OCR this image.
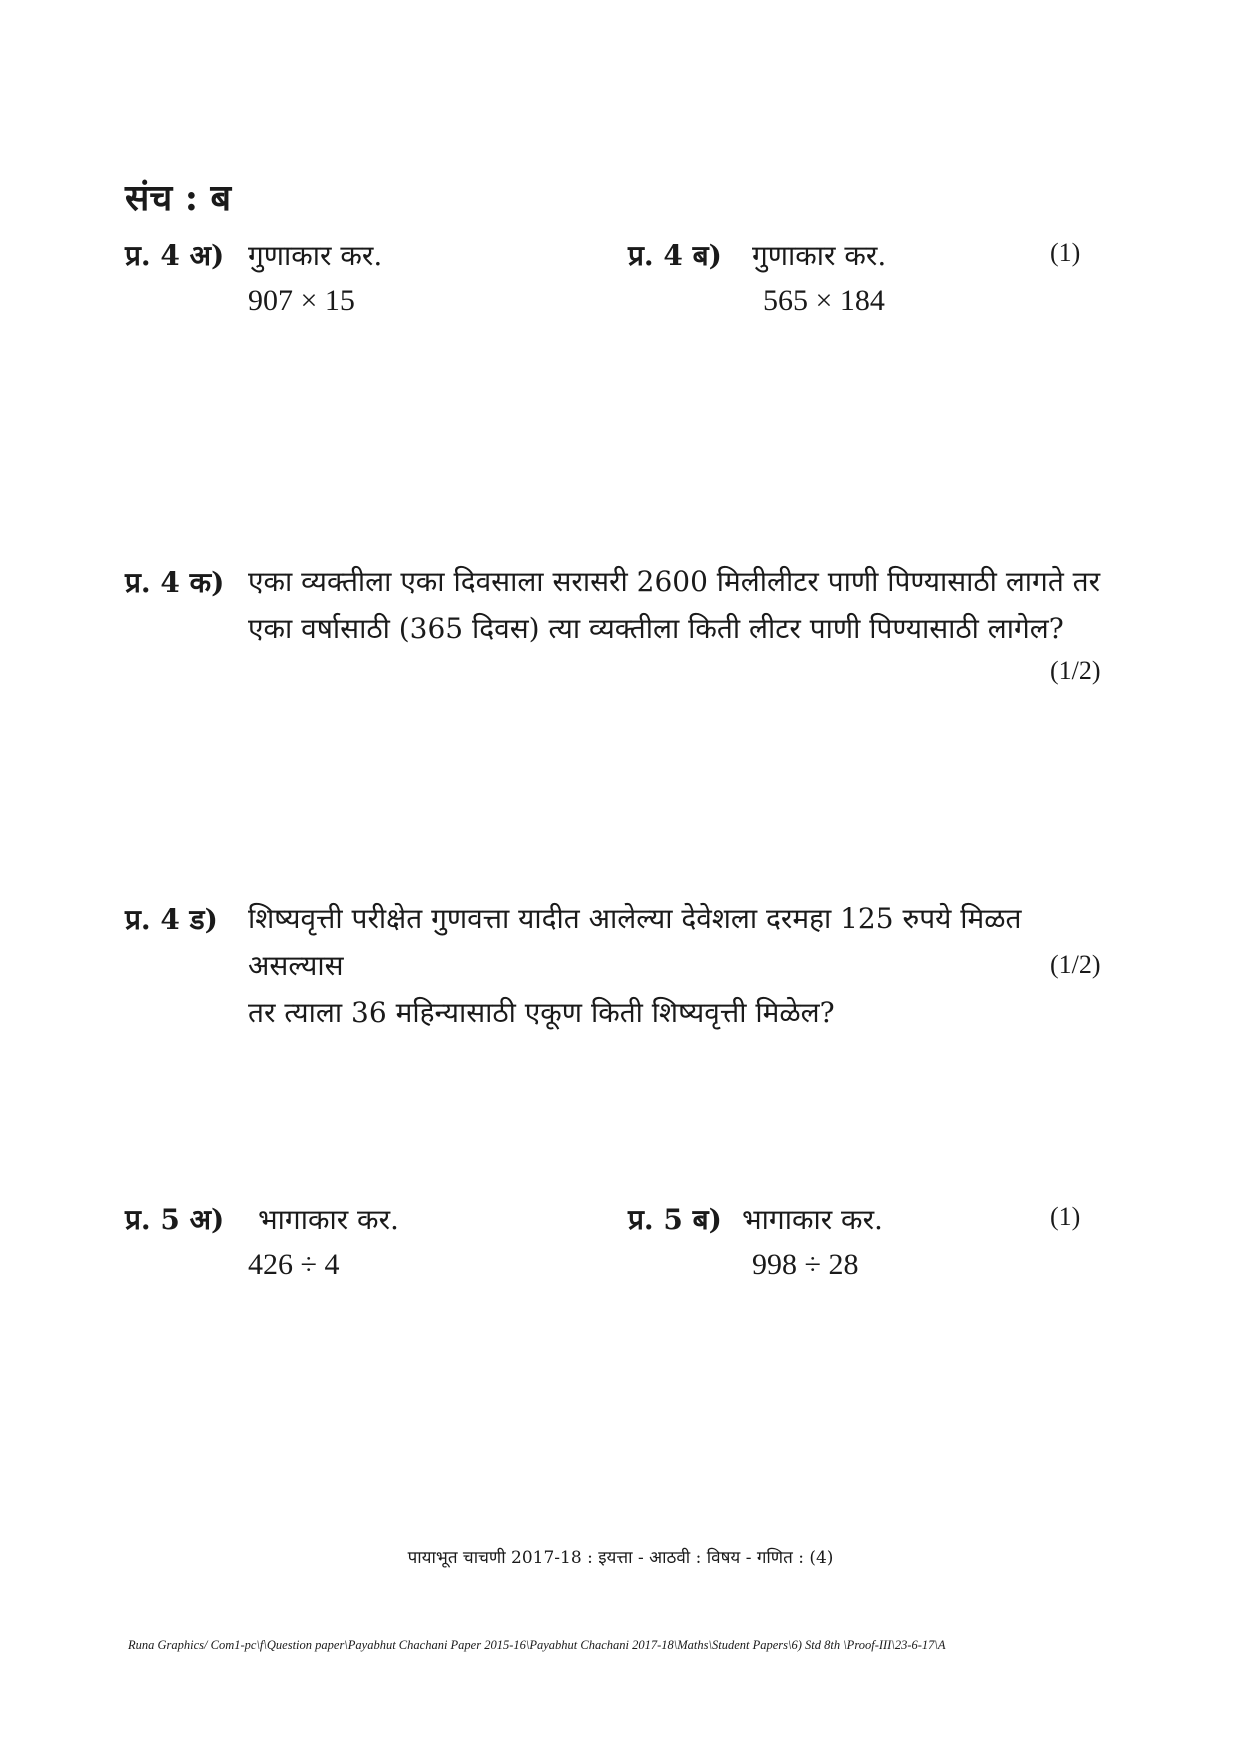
संच : ब
प्र. 4 अ) गुणाकार कर.
907 × 15
प्र. 4 ब) गुणाकार कर.	(1)
565 × 184
प्र. 4 क) एका व्यक्तीला एका दिवसाला सरासरी 2600 मिलीलीटर पाणी पिण्यासाठी लागते तर
एका वर्षासाठी (365 दिवस) त्या व्यक्तीला किती लीटर पाणी पिण्यासाठी लागेल?
(1/2)
प्र. 4 ड) शिष्यवृत्ती परीक्षेत गुणवत्ता यादीत आलेल्या देवेशला दरमहा 125 रुपये मिळत असल्यास
तर त्याला 36 महिन्यासाठी एकूण किती शिष्यवृत्ती मिळेल?
(1/2)
प्र. 5 अ) भागाकार कर.
426 ÷ 4
प्र. 5 ब) भागाकार कर.	(1)
998 ÷ 28
पायाभूत चाचणी 2017-18 : इयत्ता - आठवी : विषय - गणित : (4)
Runa Graphics/ Com1-pc\f\Question paper\Payabhut Chachani Paper 2015-16\Payabhut Chachani 2017-18\Maths\Student Papers\6) Std 8th \Proof-III\23-6-17\A
